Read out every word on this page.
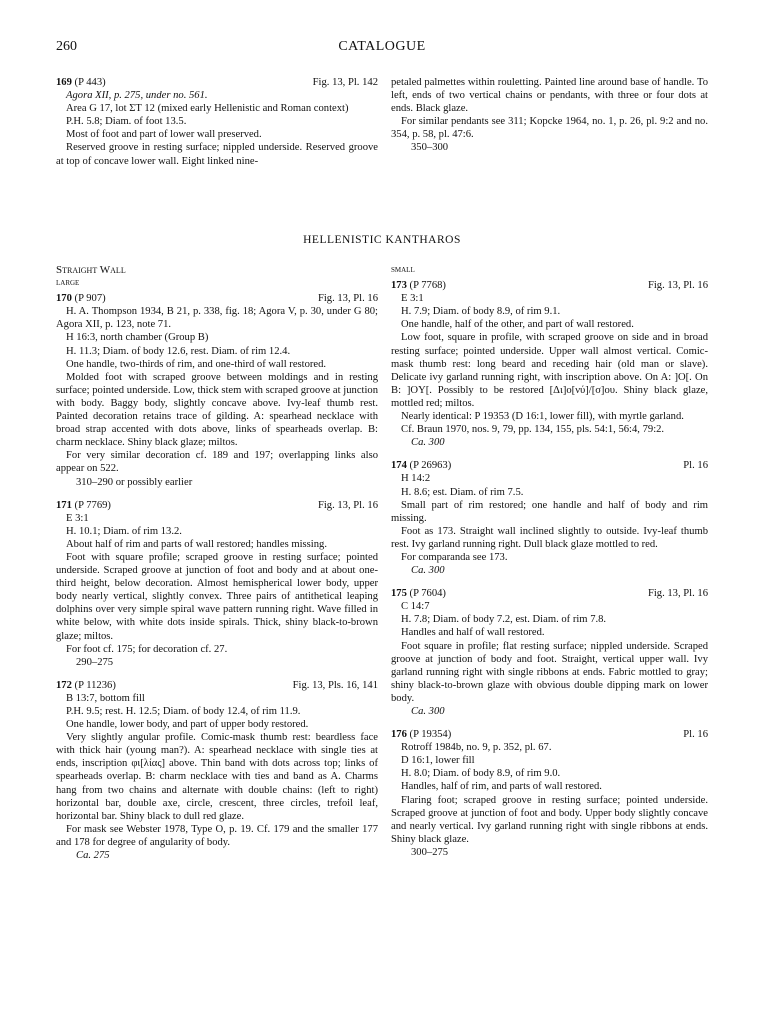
260	CATALOGUE
169 (P 443)	Fig. 13, Pl. 142

Agora XII, p. 275, under no. 561.

Area G 17, lot ΣΤ 12 (mixed early Hellenistic and Roman context)

P.H. 5.8; Diam. of foot 13.5.

Most of foot and part of lower wall preserved.

Reserved groove in resting surface; nippled underside. Reserved groove at top of concave lower wall. Eight linked nine-

petaled palmettes within rouletting. Painted line around base of handle. To left, ends of two vertical chains or pendants, with three or four dots at ends. Black glaze.

For similar pendants see 311; Kopcke 1964, no. 1, p. 26, pl. 9:2 and no. 354, p. 58, pl. 47:6.

350–300

HELLENISTIC KANTHAROS
Straight Wall
large
170 (P 907)	Fig. 13, Pl. 16

H. A. Thompson 1934, B 21, p. 338, fig. 18; Agora V, p. 30, under G 80; Agora XII, p. 123, note 71.

H 16:3, north chamber (Group B)

H. 11.3; Diam. of body 12.6, rest. Diam. of rim 12.4.

One handle, two-thirds of rim, and one-third of wall restored.

Molded foot with scraped groove between moldings and in resting surface; pointed underside. Low, thick stem with scraped groove at junction with body. Baggy body, slightly concave above. Ivy-leaf thumb rest. Painted decoration retains trace of gilding. A: spearhead necklace with broad strap accented with dots above, links of spearheads overlap. B: charm necklace. Shiny black glaze; miltos.

For very similar decoration cf. 189 and 197; overlapping links also appear on 522.

310–290 or possibly earlier

171 (P 7769)	Fig. 13, Pl. 16

E 3:1

H. 10.1; Diam. of rim 13.2.

About half of rim and parts of wall restored; handles missing.

Foot with square profile; scraped groove in resting surface; pointed underside. Scraped groove at junction of foot and body and at about one-third height, below decoration. Almost hemispherical lower body, upper body nearly vertical, slightly convex. Three pairs of antithetical leaping dolphins over very simple spiral wave pattern running right. Wave filled in white below, with white dots inside spirals. Thick, shiny black-to-brown glaze; miltos.

For foot cf. 175; for decoration cf. 27.

290–275

172 (P 11236)	Fig. 13, Pls. 16, 141

B 13:7, bottom fill

P.H. 9.5; rest. H. 12.5; Diam. of body 12.4, of rim 11.9.

One handle, lower body, and part of upper body restored.

Very slightly angular profile. Comic-mask thumb rest: beardless face with thick hair (young man?). A: spearhead necklace with single ties at ends, inscription φι[λίας] above. Thin band with dots across top; links of spearheads overlap. B: charm necklace with ties and band as A. Charms hang from two chains and alternate with double chains: (left to right) horizontal bar, double axe, circle, crescent, three circles, trefoil leaf, horizontal bar. Shiny black to dull red glaze.

For mask see Webster 1978, Type O, p. 19. Cf. 179 and the smaller 177 and 178 for degree of angularity of body.

Ca. 275

small
173 (P 7768)	Fig. 13, Pl. 16

E 3:1

H. 7.9; Diam. of body 8.9, of rim 9.1.

One handle, half of the other, and part of wall restored.

Low foot, square in profile, with scraped groove on side and in broad resting surface; pointed underside. Upper wall almost vertical. Comic-mask thumb rest: long beard and receding hair (old man or slave). Delicate ivy garland running right, with inscription above. On A: ]O[. On B: ]OΥ[. Possibly to be restored [Δι]o[νύ]/[σ]ου. Shiny black glaze, mottled red; miltos.

Nearly identical: P 19353 (D 16:1, lower fill), with myrtle garland.

Cf. Braun 1970, nos. 9, 79, pp. 134, 155, pls. 54:1, 56:4, 79:2.

Ca. 300

174 (P 26963)	Pl. 16

H 14:2

H. 8.6; est. Diam. of rim 7.5.

Small part of rim restored; one handle and half of body and rim missing.

Foot as 173. Straight wall inclined slightly to outside. Ivy-leaf thumb rest. Ivy garland running right. Dull black glaze mottled to red.

For comparanda see 173.

Ca. 300

175 (P 7604)	Fig. 13, Pl. 16

C 14:7

H. 7.8; Diam. of body 7.2, est. Diam. of rim 7.8.

Handles and half of wall restored.

Foot square in profile; flat resting surface; nippled underside. Scraped groove at junction of body and foot. Straight, vertical upper wall. Ivy garland running right with single ribbons at ends. Fabric mottled to gray; shiny black-to-brown glaze with obvious double dipping mark on lower body.

Ca. 300

176 (P 19354)	Pl. 16

Rotroff 1984b, no. 9, p. 352, pl. 67.

D 16:1, lower fill

H. 8.0; Diam. of body 8.9, of rim 9.0.

Handles, half of rim, and parts of wall restored.

Flaring foot; scraped groove in resting surface; pointed underside. Scraped groove at junction of foot and body. Upper body slightly concave and nearly vertical. Ivy garland running right with single ribbons at ends. Shiny black glaze.

300–275
